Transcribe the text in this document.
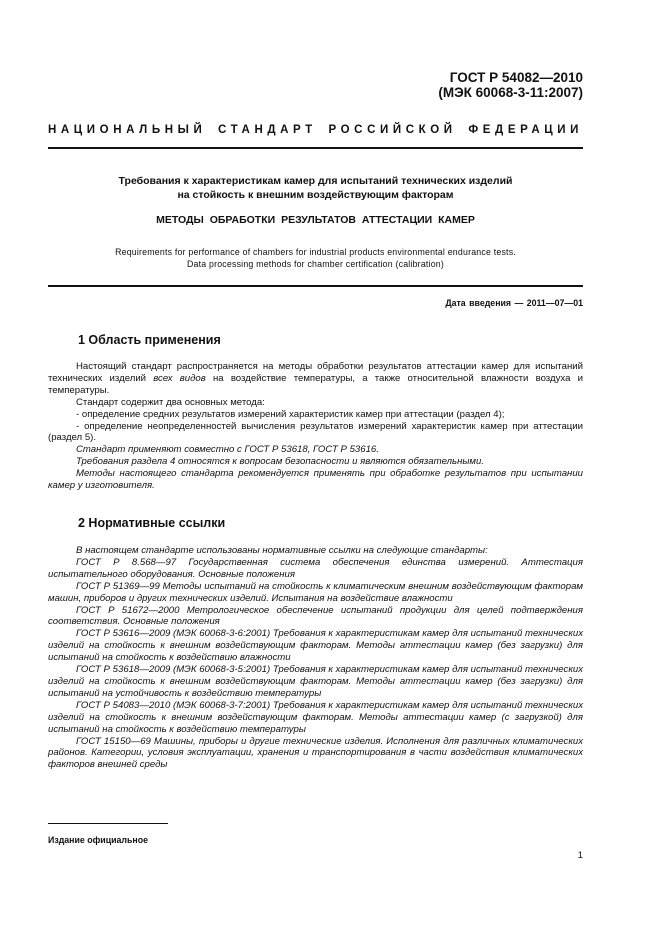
ГОСТ Р 54082—2010
(МЭК 60068-3-11:2007)
НАЦИОНАЛЬНЫЙ СТАНДАРТ РОССИЙСКОЙ ФЕДЕРАЦИИ
Требования к характеристикам камер для испытаний технических изделий
на стойкость к внешним воздействующим факторам
МЕТОДЫ ОБРАБОТКИ РЕЗУЛЬТАТОВ АТТЕСТАЦИИ КАМЕР
Requirements for performance of chambers for industrial products environmental endurance tests.
Data processing methods for chamber certification (calibration)
Дата введения — 2011—07—01
1 Область применения

Настоящий стандарт распространяется на методы обработки результатов аттестации камер для испытаний технических изделий всех видов на воздействие температуры, а также относительной влажности воздуха и температуры.

Стандарт содержит два основных метода:

- определение средних результатов измерений характеристик камер при аттестации (раздел 4);

- определение неопределенностей вычисления результатов измерений характеристик камер при аттестации (раздел 5).

Стандарт применяют совместно с ГОСТ Р 53618, ГОСТ Р 53616.

Требования раздела 4 относятся к вопросам безопасности и являются обязательными.

Методы настоящего стандарта рекомендуется применять при обработке результатов при испытании камер у изготовителя.

2 Нормативные ссылки

В настоящем стандарте использованы нормативные ссылки на следующие стандарты:

ГОСТ Р 8.568—97 Государственная система обеспечения единства измерений. Аттестация испытательного оборудования. Основные положения

ГОСТ Р 51369—99 Методы испытаний на стойкость к климатическим внешним воздействующим факторам машин, приборов и других технических изделий. Испытания на воздействие влажности

ГОСТ Р 51672—2000 Метрологическое обеспечение испытаний продукции для целей подтверждения соответствия. Основные положения

ГОСТ Р 53616—2009 (МЭК 60068-3-6:2001) Требования к характеристикам камер для испытаний технических изделий на стойкость к внешним воздействующим факторам. Методы аттестации камер (без загрузки) для испытаний на стойкость к воздействию влажности

ГОСТ Р 53618—2009 (МЭК 60068-3-5:2001) Требования к характеристикам камер для испытаний технических изделий на стойкость к внешним воздействующим факторам. Методы аттестации камер (без загрузки) для испытаний на устойчивость к воздействию температуры

ГОСТ Р 54083—2010 (МЭК 60068-3-7:2001) Требования к характеристикам камер для испытаний технических изделий на стойкость к внешним воздействующим факторам. Методы аттестации камер (с загрузкой) для испытаний на стойкость к воздействию температуры

ГОСТ 15150—69 Машины, приборы и другие технические изделия. Исполнения для различных климатических районов. Категории, условия эксплуатации, хранения и транспортирования в части воздействия климатических факторов внешней среды

Издание официальное
1
